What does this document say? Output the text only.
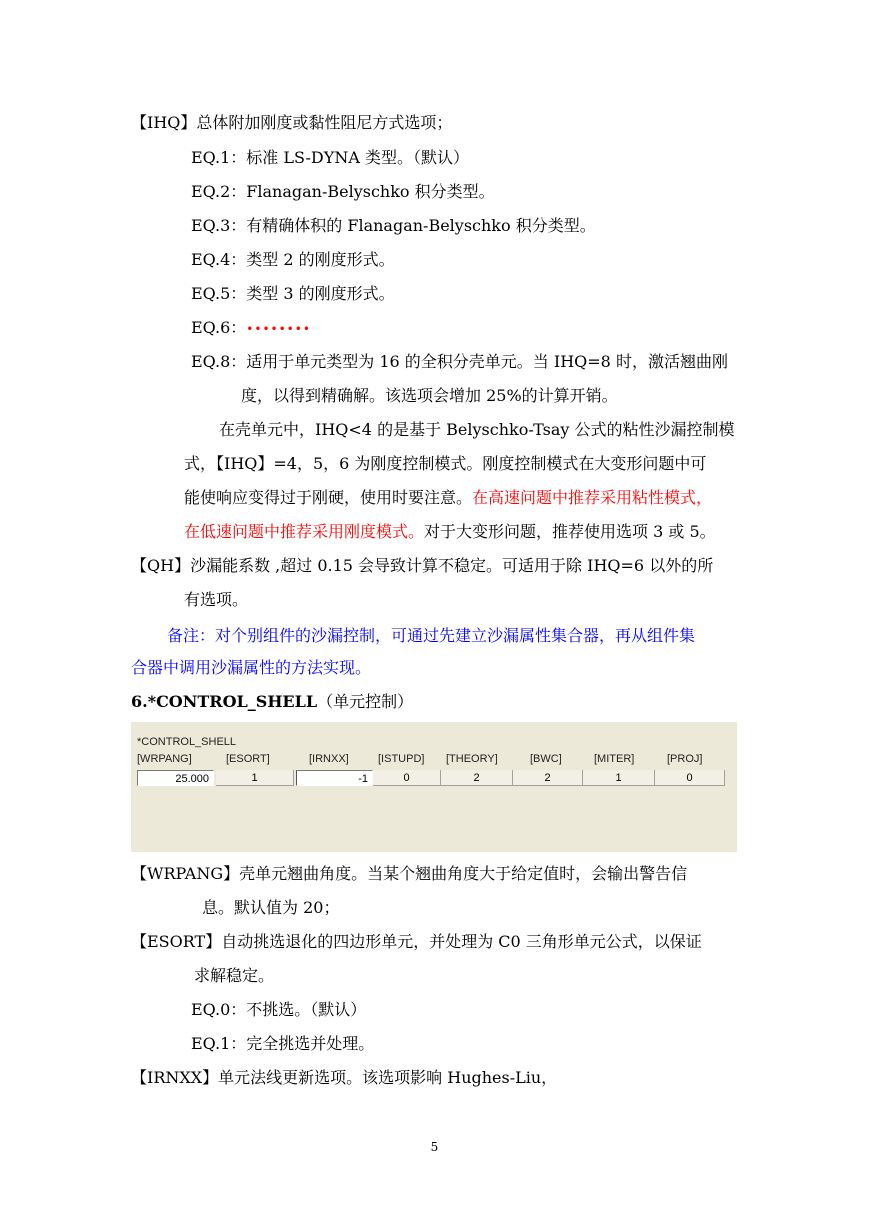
【IHQ】总体附加刚度或黏性阻尼方式选项；
EQ.1：标准 LS-DYNA 类型。（默认）
EQ.2：Flanagan-Belyschko 积分类型。
EQ.3：有精确体积的 Flanagan-Belyschko 积分类型。
EQ.4：类型 2 的刚度形式。
EQ.5：类型 3 的刚度形式。
EQ.6：••••••••
EQ.8：适用于单元类型为 16 的全积分壳单元。当 IHQ=8 时，激活翘曲刚
度，以得到精确解。该选项会增加 25%的计算开销。
在壳单元中，IHQ<4 的是基于 Belyschko-Tsay 公式的粘性沙漏控制模
式，【IHQ】=4，5，6 为刚度控制模式。刚度控制模式在大变形问题中可
能使响应变得过于刚硬，使用时要注意。在高速问题中推荐采用粘性模式，
在低速问题中推荐采用刚度模式。对于大变形问题，推荐使用选项 3 或 5。
【QH】沙漏能系数 ,超过 0.15 会导致计算不稳定。可适用于除 IHQ=6 以外的所
有选项。
备注：对个别组件的沙漏控制，可通过先建立沙漏属性集合器，再从组件集
合器中调用沙漏属性的方法实现。
6.*CONTROL_SHELL（单元控制）
*CONTROL_SHELL
[WRPANG]	[ESORT]	[IRNXX]	[ISTUPD] [THEORY]	[BWC]	[MITER]	[PROJ]
25.000	1	-1	0	2	2	1	0
【WRPANG】壳单元翘曲角度。当某个翘曲角度大于给定值时，会输出警告信
息。默认值为 20；
【ESORT】自动挑选退化的四边形单元，并处理为 C0 三角形单元公式，以保证
求解稳定。
EQ.0：不挑选。（默认）
EQ.1：完全挑选并处理。
【IRNXX】单元法线更新选项。该选项影响 Hughes-Liu，
5
